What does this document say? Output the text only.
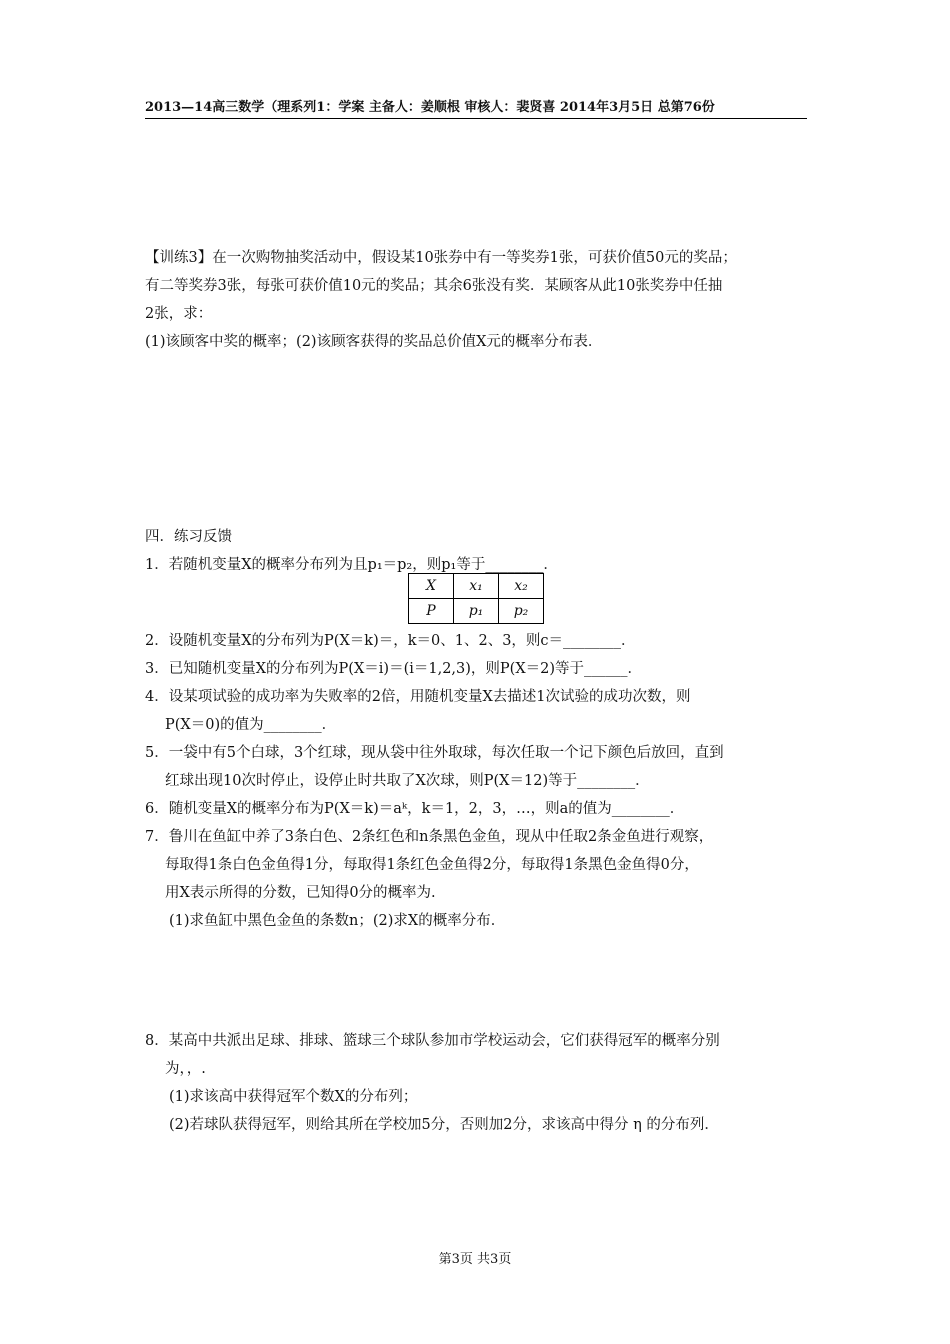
2013—14高三数学（理系列1：学案 主备人：姜顺根 审核人：裴贤喜 2014年3月5日 总第76份
【训练3】在一次购物抽奖活动中，假设某10张券中有一等奖券1张，可获价值50元的奖品；
有二等奖券3张，每张可获价值10元的奖品；其余6张没有奖．某顾客从此10张奖券中任抽
2张，求：
(1)该顾客中奖的概率；(2)该顾客获得的奖品总价值X元的概率分布表．
四．练习反馈
1．若随机变量X的概率分布列为且p₁＝p₂，则p₁等于________．
X	x₁	x₂
P	p₁	p₂
2．设随机变量X的分布列为P(X＝k)＝，k＝0、1、2、3，则c＝________．
3．已知随机变量X的分布列为P(X＝i)＝(i＝1,2,3)，则P(X＝2)等于______．
4．设某项试验的成功率为失败率的2倍，用随机变量X去描述1次试验的成功次数，则
P(X＝0)的值为________．
5．一袋中有5个白球，3个红球，现从袋中往外取球，每次任取一个记下颜色后放回，直到
红球出现10次时停止，设停止时共取了X次球，则P(X＝12)等于________．
6．随机变量X的概率分布为P(X＝k)＝aᵏ，k＝1，2，3，…，则a的值为________．
7．鲁川在鱼缸中养了3条白色、2条红色和n条黑色金鱼，现从中任取2条金鱼进行观察，
每取得1条白色金鱼得1分，每取得1条红色金鱼得2分，每取得1条黑色金鱼得0分，
用X表示所得的分数，已知得0分的概率为.
(1)求鱼缸中黑色金鱼的条数n；(2)求X的概率分布．
8．某高中共派出足球、排球、篮球三个球队参加市学校运动会，它们获得冠军的概率分别
为，，.
(1)求该高中获得冠军个数X的分布列；
(2)若球队获得冠军，则给其所在学校加5分，否则加2分，求该高中得分 η 的分布列．
第3页 共3页
